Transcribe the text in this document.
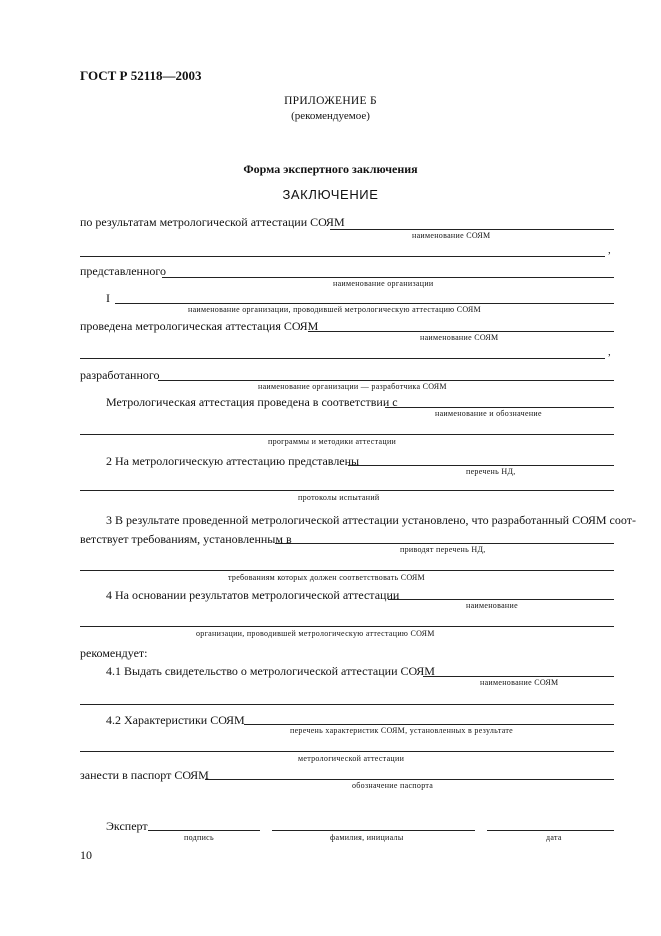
ГОСТ Р 52118—2003
ПРИЛОЖЕНИЕ Б
(рекомендуемое)
Форма экспертного заключения
ЗАКЛЮЧЕНИЕ
по результатам метрологической аттестации СОЯМ
наименование СОЯМ
,
представленного
наименование организации
I
наименование организации, проводившей метрологическую аттестацию СОЯМ
проведена метрологическая аттестация СОЯМ
наименование СОЯМ
,
разработанного
наименование организации — разработчика СОЯМ
Метрологическая аттестация проведена в соответствии с
наименование и обозначение
программы и методики аттестации
2 На метрологическую аттестацию представлены
перечень НД,
протоколы испытаний
3 В результате проведенной метрологической аттестации установлено, что разработанный СОЯМ соот-
ветствует требованиям, установленным в
приводят перечень НД,
требованиям которых должен соответствовать СОЯМ
4 На основании результатов метрологической аттестации
наименование
организации, проводившей метрологическую аттестацию СОЯМ
рекомендует:
4.1 Выдать свидетельство о метрологической аттестации СОЯМ
наименование СОЯМ
4.2 Характеристики СОЯМ
перечень характеристик СОЯМ, установленных в результате
метрологической аттестации
занести в паспорт СОЯМ
обозначение паспорта
Эксперт
подпись	фамилия, инициалы	дата
10
